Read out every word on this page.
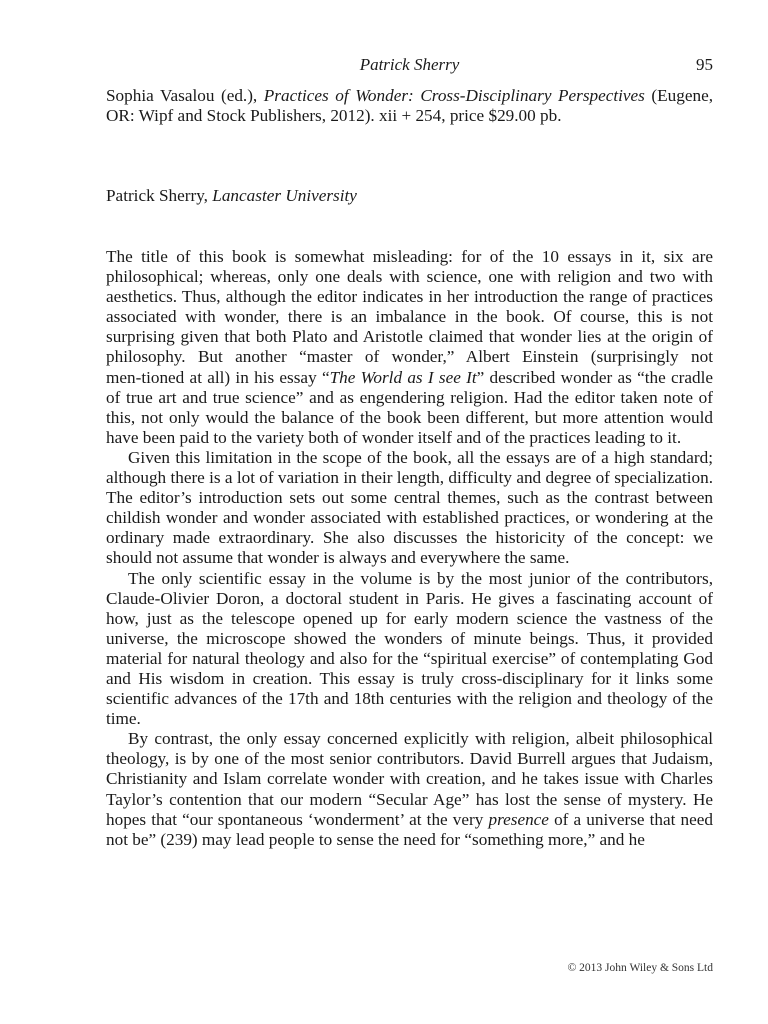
Patrick Sherry	95
Sophia Vasalou (ed.), Practices of Wonder: Cross-Disciplinary Perspectives (Eugene, OR: Wipf and Stock Publishers, 2012). xii + 254, price $29.00 pb.
Patrick Sherry, Lancaster University

The title of this book is somewhat misleading: for of the 10 essays in it, six are philosophical; whereas, only one deals with science, one with religion and two with aesthetics. Thus, although the editor indicates in her introduction the range of practices associated with wonder, there is an imbalance in the book. Of course, this is not surprising given that both Plato and Aristotle claimed that wonder lies at the origin of philosophy. But another “master of wonder,” Albert Einstein (surprisingly not men‑tioned at all) in his essay “The World as I see It” described wonder as “the cradle of true art and true science” and as engendering religion. Had the editor taken note of this, not only would the balance of the book been different, but more attention would have been paid to the variety both of wonder itself and of the practices leading to it.

Given this limitation in the scope of the book, all the essays are of a high standard; although there is a lot of variation in their length, difficulty and degree of specialization. The editor’s introduction sets out some central themes, such as the contrast between childish wonder and wonder associated with established practices, or wondering at the ordinary made extraordinary. She also discusses the historicity of the concept: we should not assume that wonder is always and everywhere the same.

The only scientific essay in the volume is by the most junior of the contributors, Claude-Olivier Doron, a doctoral student in Paris. He gives a fascinating account of how, just as the telescope opened up for early modern science the vastness of the universe, the microscope showed the wonders of minute beings. Thus, it provided material for natural theology and also for the “spiritual exercise” of contemplating God and His wisdom in creation. This essay is truly cross-disciplinary for it links some scientific advances of the 17th and 18th centuries with the religion and theology of the time.

By contrast, the only essay concerned explicitly with religion, albeit philosophical theology, is by one of the most senior contributors. David Burrell argues that Judaism, Christianity and Islam correlate wonder with creation, and he takes issue with Charles Taylor’s contention that our modern “Secular Age” has lost the sense of mystery. He hopes that “our spontaneous ‘wonderment’ at the very presence of a universe that need not be” (239) may lead people to sense the need for “something more,” and he

© 2013 John Wiley & Sons Ltd
